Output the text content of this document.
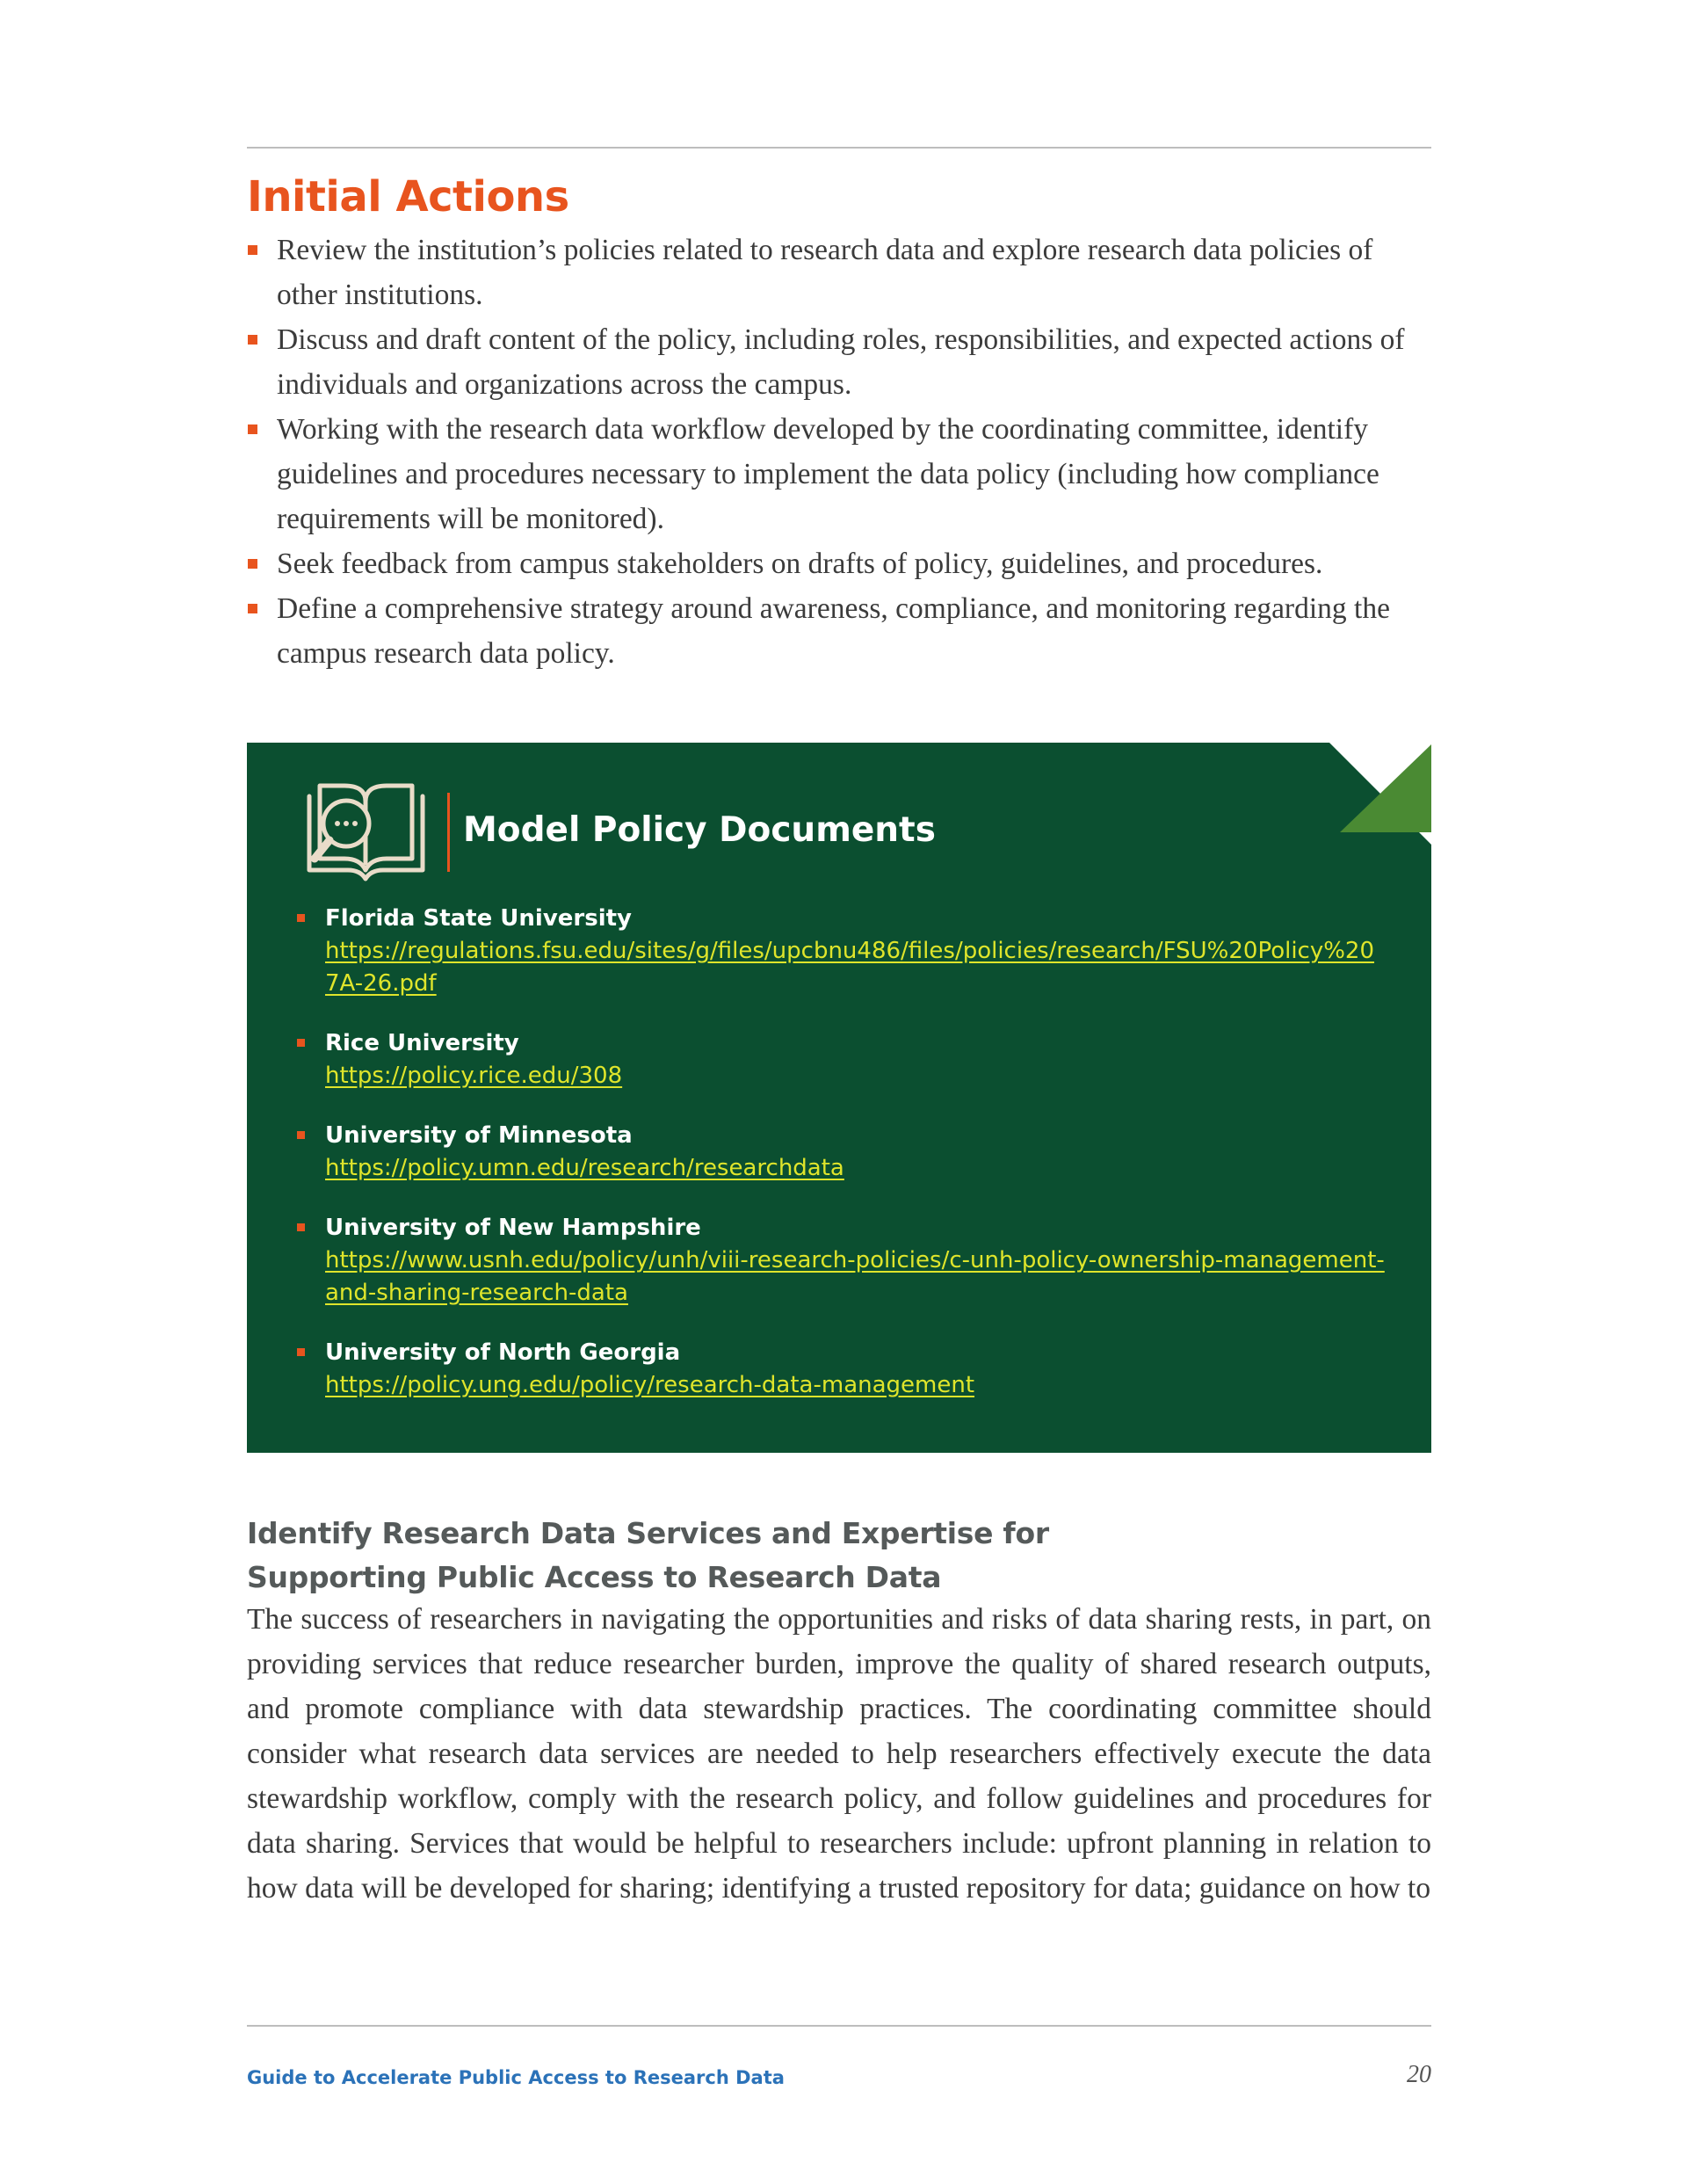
Initial Actions
Review the institution’s policies related to research data and explore research data policies of other institutions.
Discuss and draft content of the policy, including roles, responsibilities, and expected actions of individuals and organizations across the campus.
Working with the research data workflow developed by the coordinating committee, identify guidelines and procedures necessary to implement the data policy (including how compliance requirements will be monitored).
Seek feedback from campus stakeholders on drafts of policy, guidelines, and procedures.
Define a comprehensive strategy around awareness, compliance, and monitoring regarding the campus research data policy.
Model Policy Documents
Florida State University
https://regulations.fsu.edu/sites/g/files/upcbnu486/files/policies/research/FSU%20Policy%207A-26.pdf
Rice University
https://policy.rice.edu/308
University of Minnesota
https://policy.umn.edu/research/researchdata
University of New Hampshire
https://www.usnh.edu/policy/unh/viii-research-policies/c-unh-policy-ownership-management-and-sharing-research-data
University of North Georgia
https://policy.ung.edu/policy/research-data-management
Identify Research Data Services and Expertise for
Supporting Public Access to Research Data

The success of researchers in navigating the opportunities and risks of data sharing rests, in part, on providing services that reduce researcher burden, improve the quality of shared research outputs, and promote compliance with data stewardship practices. The coordinating committee should consider what research data services are needed to help researchers effectively execute the data stewardship workflow, comply with the research policy, and follow guidelines and procedures for data sharing. Services that would be helpful to researchers include: upfront planning in relation to how data will be developed for sharing; identifying a trusted repository for data; guidance on how to

Guide to Accelerate Public Access to Research Data	20
